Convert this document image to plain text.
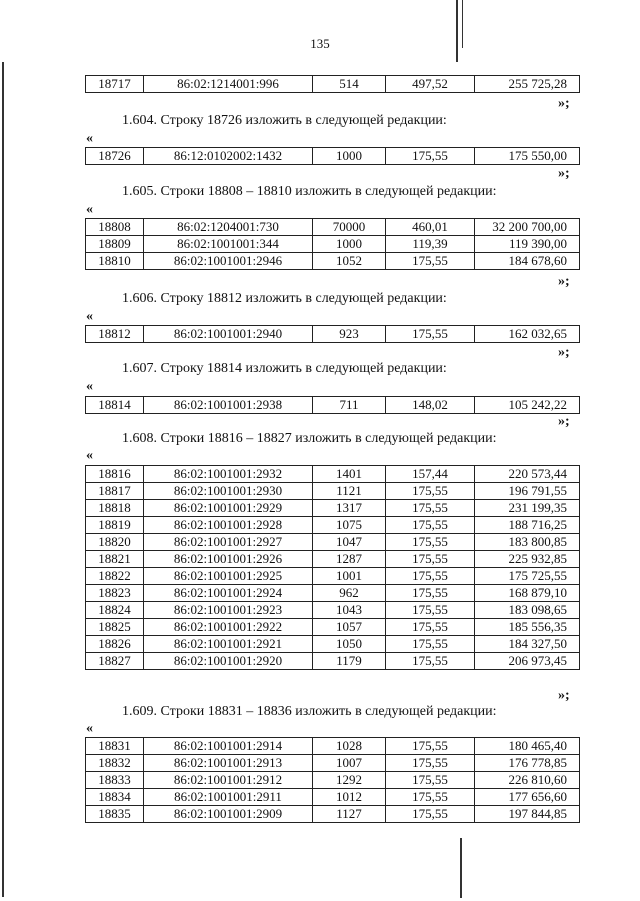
135
18717	86:02:1214001:996	514	497,52	255 725,28
»;
1.604. Строку 18726 изложить в следующей редакции:
«
18726	86:12:0102002:1432	1000	175,55	175 550,00
»;
1.605. Строки 18808 – 18810 изложить в следующей редакции:
«
18808	86:02:1204001:730	70000	460,01	32 200 700,00
18809	86:02:1001001:344	1000	119,39	119 390,00
18810	86:02:1001001:2946	1052	175,55	184 678,60
»;
1.606. Строку 18812 изложить в следующей редакции:
«
18812	86:02:1001001:2940	923	175,55	162 032,65
»;
1.607. Строку 18814 изложить в следующей редакции:
«
18814	86:02:1001001:2938	711	148,02	105 242,22
»;
1.608. Строки 18816 – 18827 изложить в следующей редакции:
«
18816	86:02:1001001:2932	1401	157,44	220 573,44
18817	86:02:1001001:2930	1121	175,55	196 791,55
18818	86:02:1001001:2929	1317	175,55	231 199,35
18819	86:02:1001001:2928	1075	175,55	188 716,25
18820	86:02:1001001:2927	1047	175,55	183 800,85
18821	86:02:1001001:2926	1287	175,55	225 932,85
18822	86:02:1001001:2925	1001	175,55	175 725,55
18823	86:02:1001001:2924	962	175,55	168 879,10
18824	86:02:1001001:2923	1043	175,55	183 098,65
18825	86:02:1001001:2922	1057	175,55	185 556,35
18826	86:02:1001001:2921	1050	175,55	184 327,50
18827	86:02:1001001:2920	1179	175,55	206 973,45
»;
1.609. Строки 18831 – 18836 изложить в следующей редакции:
«
18831	86:02:1001001:2914	1028	175,55	180 465,40
18832	86:02:1001001:2913	1007	175,55	176 778,85
18833	86:02:1001001:2912	1292	175,55	226 810,60
18834	86:02:1001001:2911	1012	175,55	177 656,60
18835	86:02:1001001:2909	1127	175,55	197 844,85
